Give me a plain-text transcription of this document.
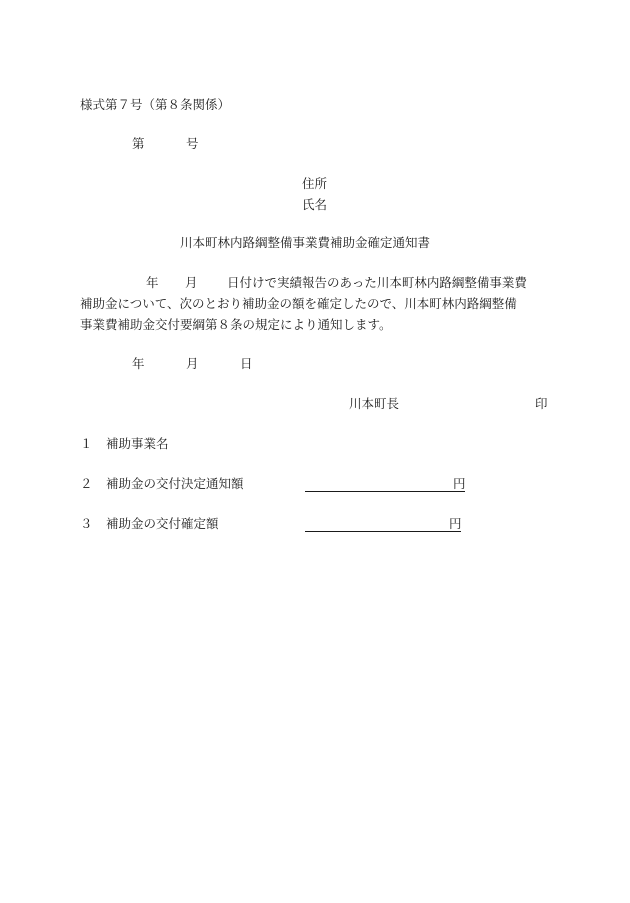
様式第７号（第８条関係）
第	号
住所
氏名
川本町林内路綱整備事業費補助金確定通知書
年 月 日付けで実績報告のあった川本町林内路綱整備事業費
補助金について、次のとおり補助金の額を確定したので、川本町林内路綱整備
事業費補助金交付要綱第８条の規定により通知します。
年	月	日
川本町長	印
１ 補助事業名
２ 補助金の交付決定通知額	円
３ 補助金の交付確定額	円
